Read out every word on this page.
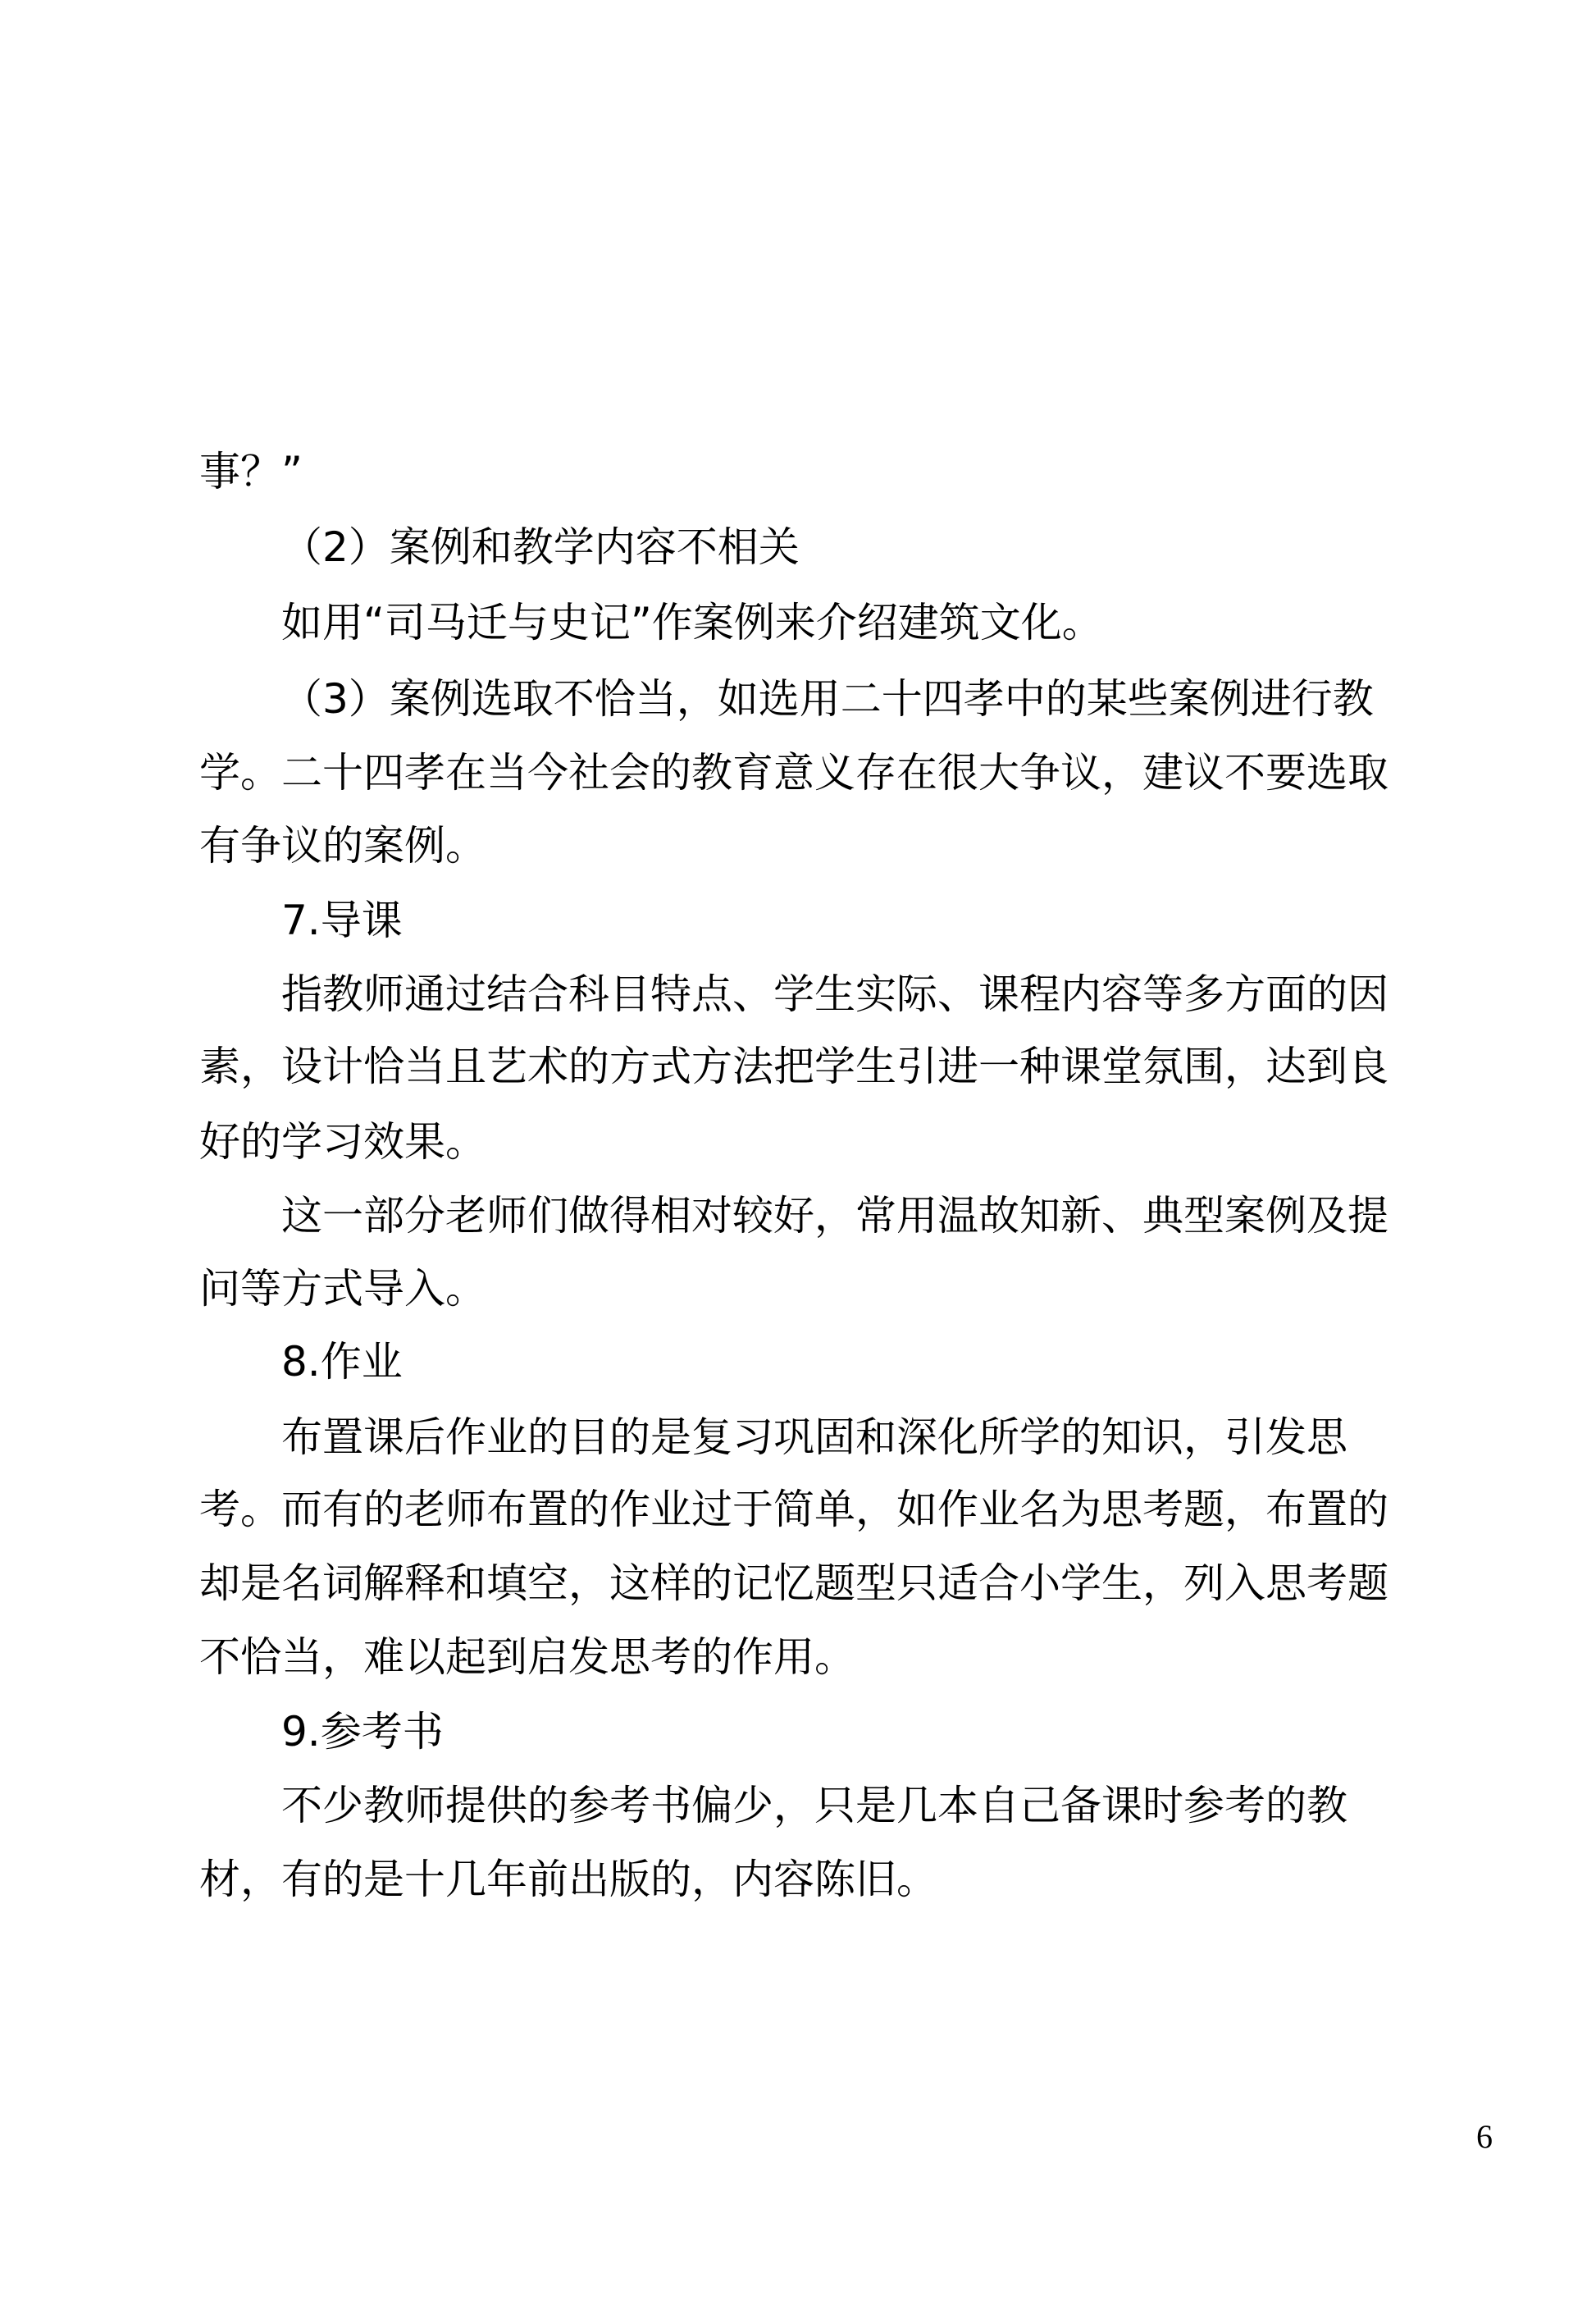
事？”
（2）案例和教学内容不相关
如用“司马迁与史记”作案例来介绍建筑文化。
（3）案例选取不恰当，如选用二十四孝中的某些案例进行教
学。二十四孝在当今社会的教育意义存在很大争议，建议不要选取
有争议的案例。
7.导课
指教师通过结合科目特点、学生实际、课程内容等多方面的因
素，设计恰当且艺术的方式方法把学生引进一种课堂氛围，达到良
好的学习效果。
这一部分老师们做得相对较好，常用温故知新、典型案例及提
问等方式导入。
8.作业
布置课后作业的目的是复习巩固和深化所学的知识，引发思
考。而有的老师布置的作业过于简单，如作业名为思考题，布置的
却是名词解释和填空，这样的记忆题型只适合小学生，列入思考题
不恰当，难以起到启发思考的作用。
9.参考书
不少教师提供的参考书偏少，只是几本自己备课时参考的教
材，有的是十几年前出版的，内容陈旧。
6
